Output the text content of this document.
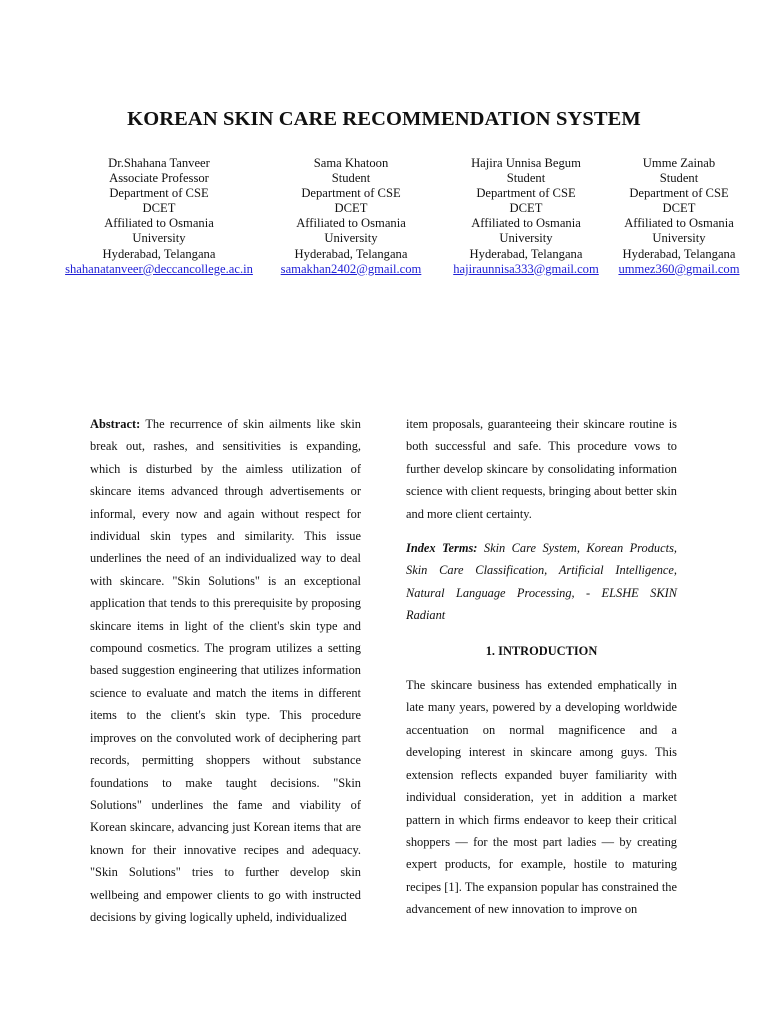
KOREAN SKIN CARE RECOMMENDATION SYSTEM
Dr.Shahana Tanveer
Associate Professor
Department of CSE
DCET
Affiliated to Osmania
University
Hyderabad, Telangana
shahanatanveer@deccancollege.ac.in
Sama Khatoon
Student
Department of CSE
DCET
Affiliated to Osmania
University
Hyderabad, Telangana
samakhan2402@gmail.com
Hajira Unnisa Begum
Student
Department of CSE
DCET
Affiliated to Osmania
University
Hyderabad, Telangana
hajiraunnisa333@gmail.com
Umme Zainab
Student
Department of CSE
DCET
Affiliated to Osmania
University
Hyderabad, Telangana
ummez360@gmail.com

Abstract: The recurrence of skin ailments like skin break out, rashes, and sensitivities is expanding, which is disturbed by the aimless utilization of skincare items advanced through advertisements or informal, every now and again without respect for individual skin types and similarity. This issue underlines the need of an individualized way to deal with skincare. "Skin Solutions" is an exceptional application that tends to this prerequisite by proposing skincare items in light of the client's skin type and compound cosmetics. The program utilizes a setting based suggestion engineering that utilizes information science to evaluate and match the items in different items to the client's skin type. This procedure improves on the convoluted work of deciphering part records, permitting shoppers without substance foundations to make taught decisions. "Skin Solutions" underlines the fame and viability of Korean skincare, advancing just Korean items that are known for their innovative recipes and adequacy. "Skin Solutions" tries to further develop skin wellbeing and empower clients to go with instructed decisions by giving logically upheld, individualized

item proposals, guaranteeing their skincare routine is both successful and safe. This procedure vows to further develop skincare by consolidating information science with client requests, bringing about better skin and more client certainty.

Index Terms: Skin Care System, Korean Products, Skin Care Classification, Artificial Intelligence, Natural Language Processing, - ELSHE SKIN Radiant

1. INTRODUCTION

The skincare business has extended emphatically in late many years, powered by a developing worldwide accentuation on normal magnificence and a developing interest in skincare among guys. This extension reflects expanded buyer familiarity with individual consideration, yet in addition a market pattern in which firms endeavor to keep their critical shoppers — for the most part ladies — by creating expert products, for example, hostile to maturing recipes [1]. The expansion popular has constrained the advancement of new innovation to improve on
